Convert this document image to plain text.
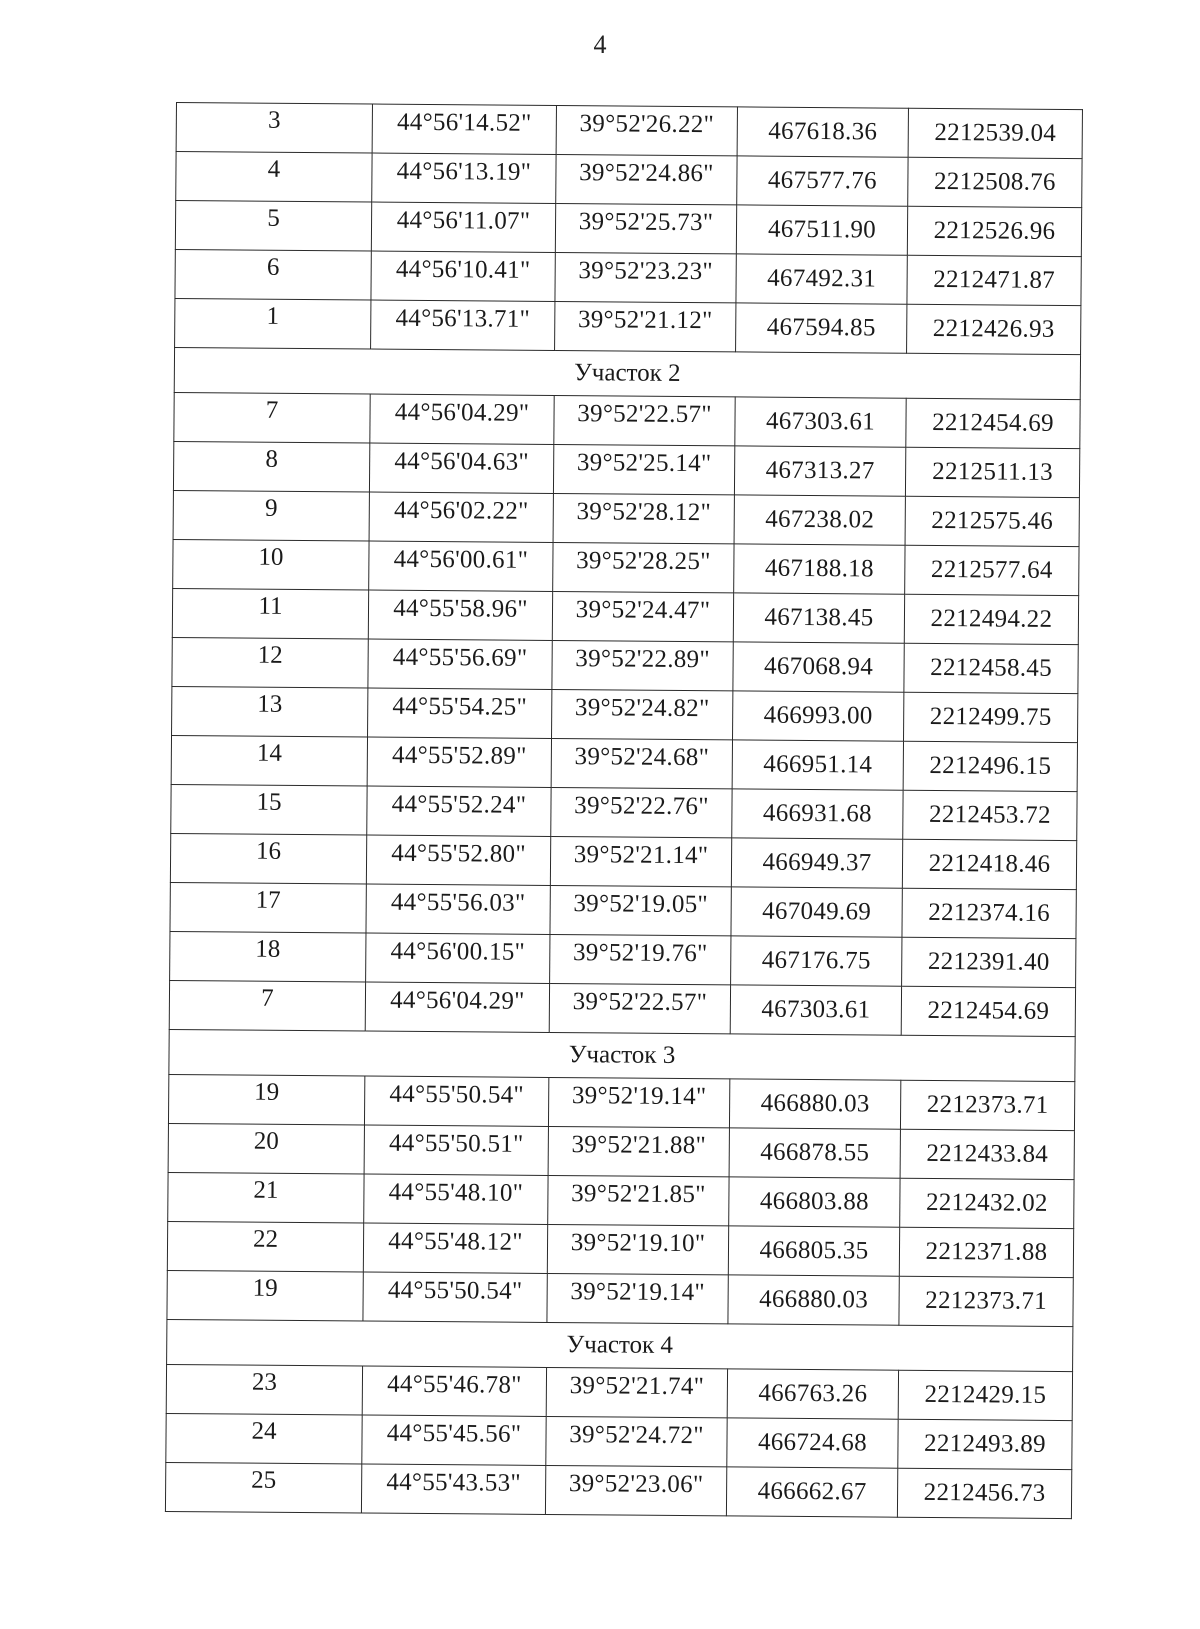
4
3	44°56'14.52"	39°52'26.22"	467618.36	2212539.04
4	44°56'13.19"	39°52'24.86"	467577.76	2212508.76
5	44°56'11.07"	39°52'25.73"	467511.90	2212526.96
6	44°56'10.41"	39°52'23.23"	467492.31	2212471.87
1	44°56'13.71"	39°52'21.12"	467594.85	2212426.93
Участок 2				
7	44°56'04.29"	39°52'22.57"	467303.61	2212454.69
8	44°56'04.63"	39°52'25.14"	467313.27	2212511.13
9	44°56'02.22"	39°52'28.12"	467238.02	2212575.46
10	44°56'00.61"	39°52'28.25"	467188.18	2212577.64
11	44°55'58.96"	39°52'24.47"	467138.45	2212494.22
12	44°55'56.69"	39°52'22.89"	467068.94	2212458.45
13	44°55'54.25"	39°52'24.82"	466993.00	2212499.75
14	44°55'52.89"	39°52'24.68"	466951.14	2212496.15
15	44°55'52.24"	39°52'22.76"	466931.68	2212453.72
16	44°55'52.80"	39°52'21.14"	466949.37	2212418.46
17	44°55'56.03"	39°52'19.05"	467049.69	2212374.16
18	44°56'00.15"	39°52'19.76"	467176.75	2212391.40
7	44°56'04.29"	39°52'22.57"	467303.61	2212454.69
Участок 3				
19	44°55'50.54"	39°52'19.14"	466880.03	2212373.71
20	44°55'50.51"	39°52'21.88"	466878.55	2212433.84
21	44°55'48.10"	39°52'21.85"	466803.88	2212432.02
22	44°55'48.12"	39°52'19.10"	466805.35	2212371.88
19	44°55'50.54"	39°52'19.14"	466880.03	2212373.71
Участок 4				
23	44°55'46.78"	39°52'21.74"	466763.26	2212429.15
24	44°55'45.56"	39°52'24.72"	466724.68	2212493.89
25	44°55'43.53"	39°52'23.06"	466662.67	2212456.73
